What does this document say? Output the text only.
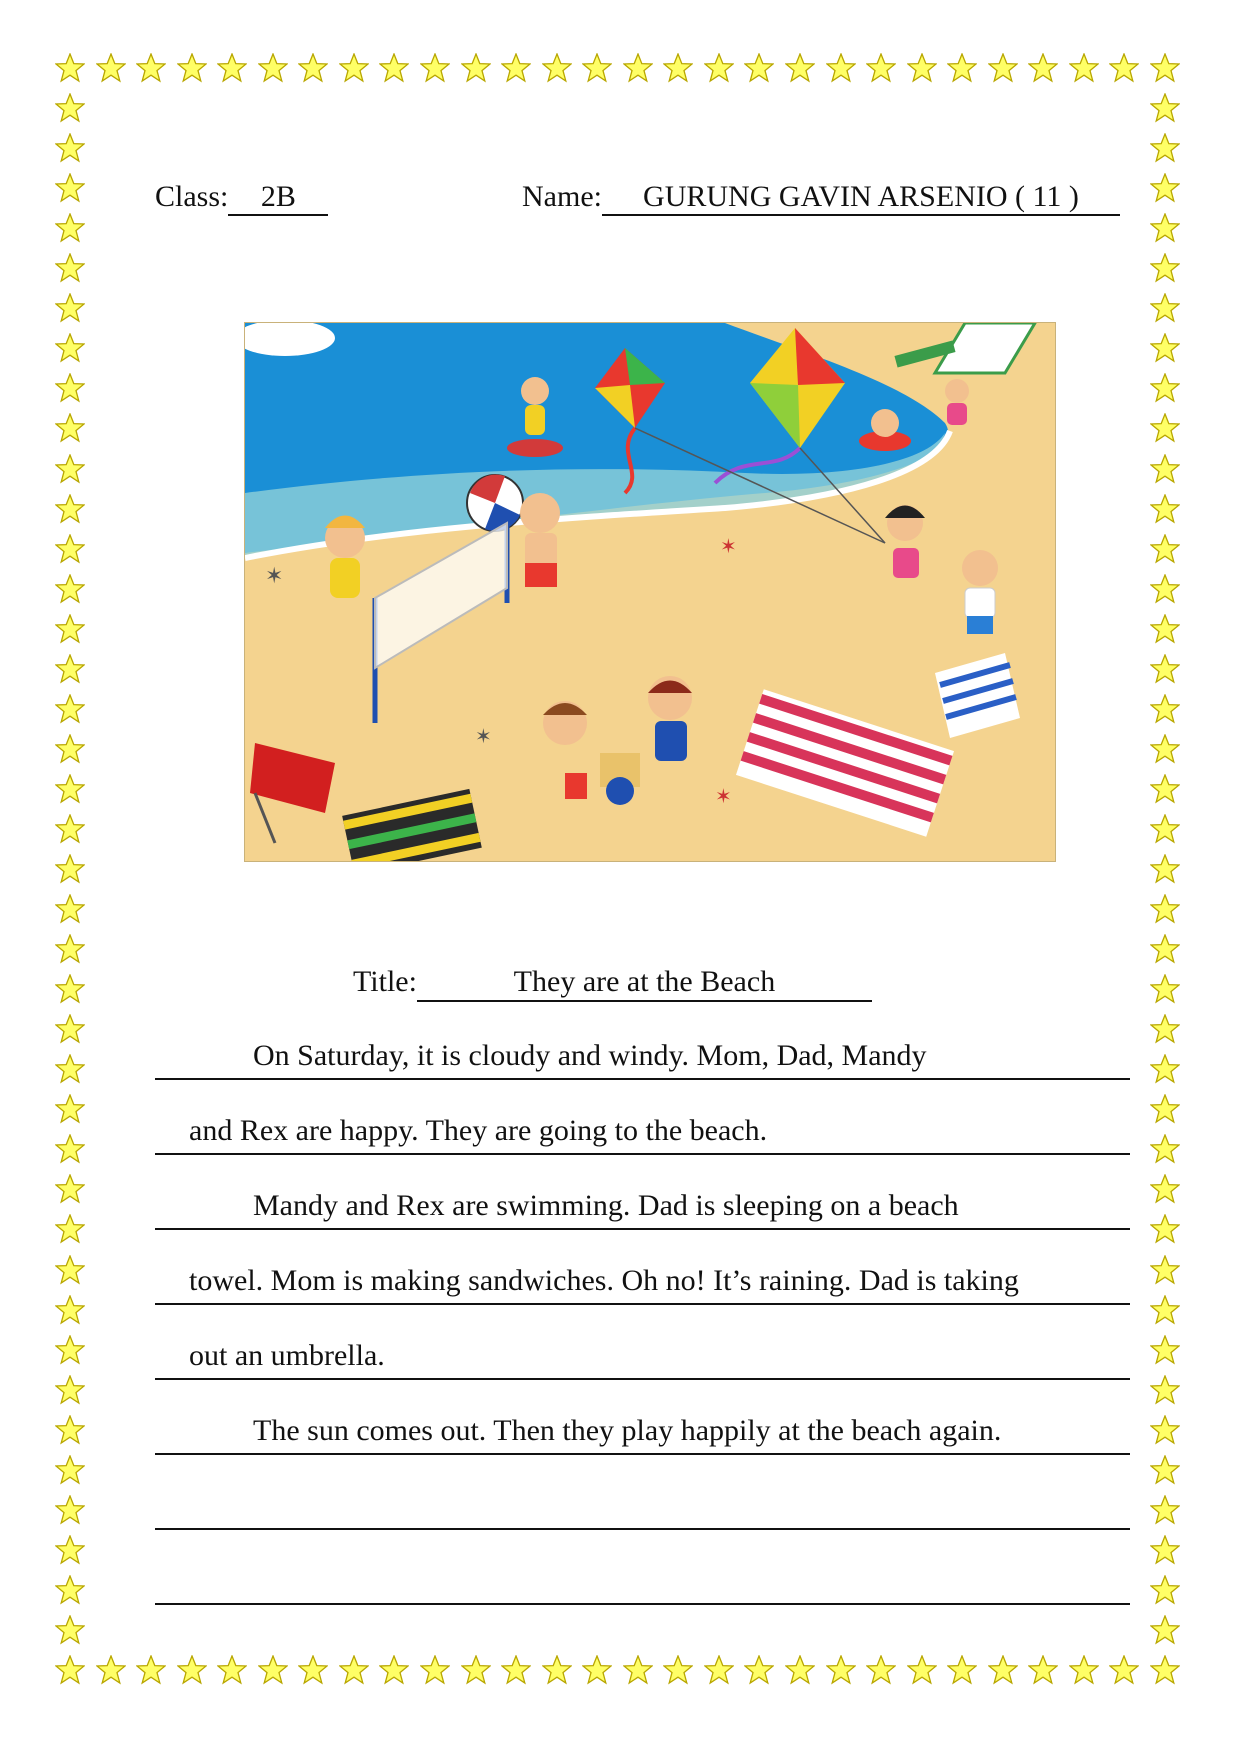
Class: 2B	Name: GURUNG GAVIN ARSENIO ( 11 )
✶
✶
✶
✶
Title:	They are at the Beach
On Saturday, it is cloudy and windy. Mom, Dad, Mandy
and Rex are happy. They are going to the beach.
Mandy and Rex are swimming. Dad is sleeping on a beach
towel. Mom is making sandwiches. Oh no! It’s raining. Dad is taking
out an umbrella.
The sun comes out. Then they play happily at the beach again.
